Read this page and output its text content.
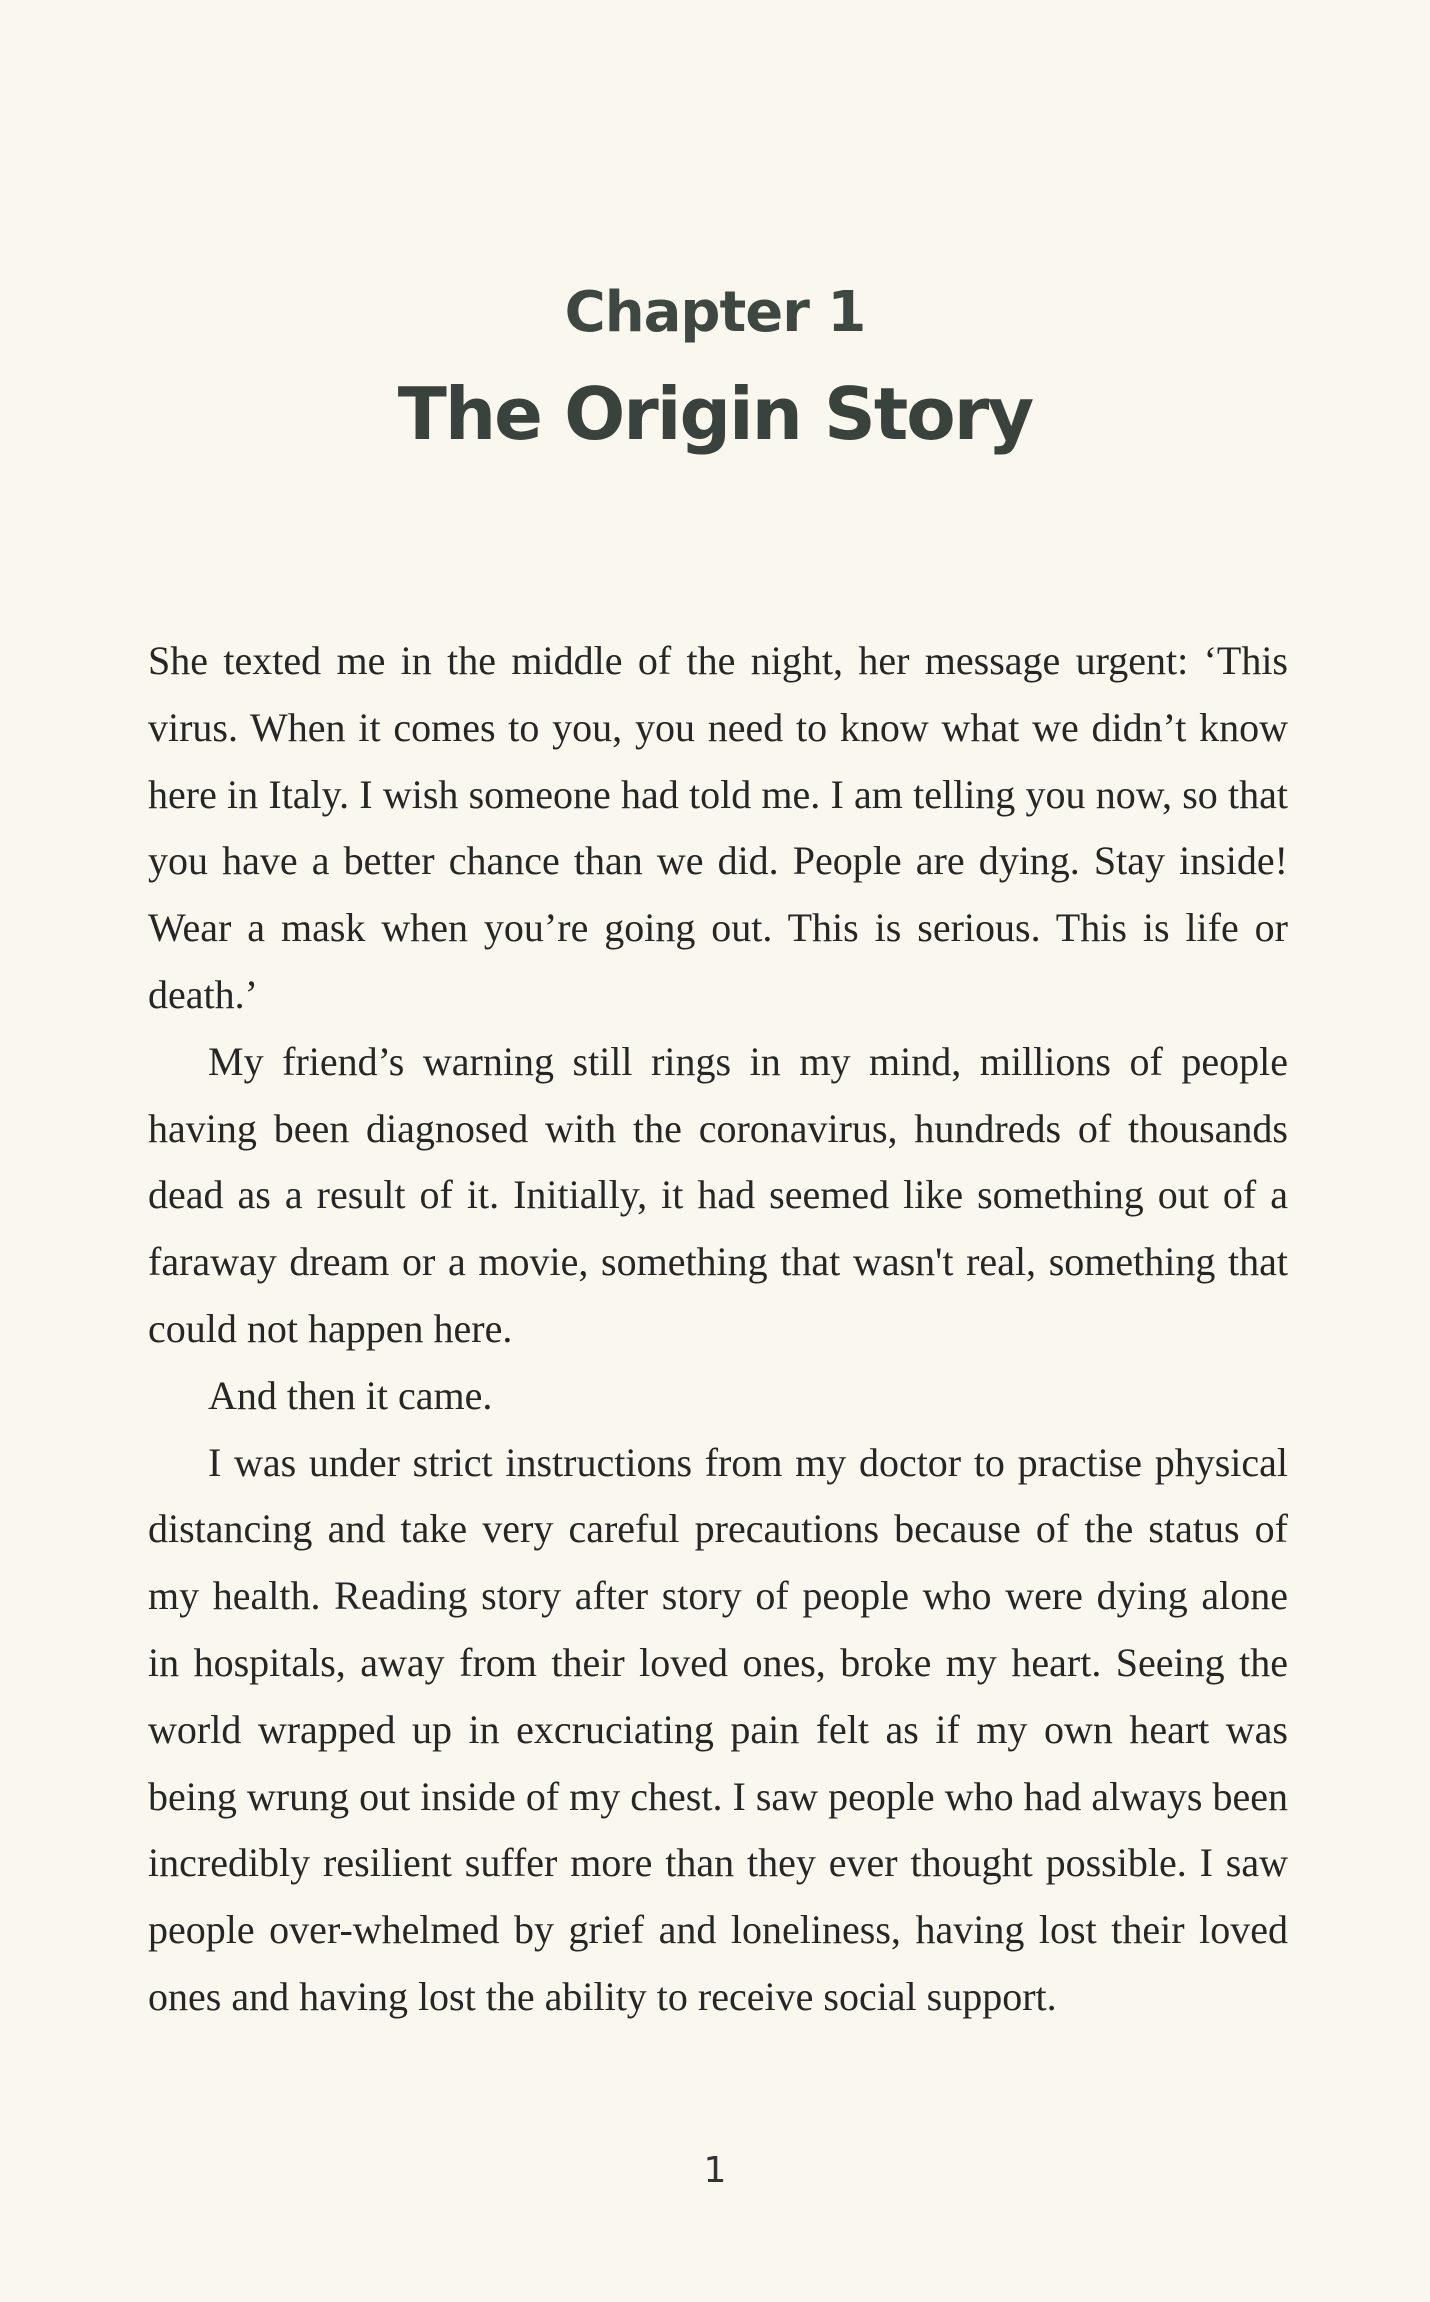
Chapter 1
The Origin Story

She texted me in the middle of the night, her message urgent: ‘This virus. When it comes to you, you need to know what we didn’t know here in Italy. I wish someone had told me. I am telling you now, so that you have a better chance than we did. People are dying. Stay inside! Wear a mask when you’re going out. This is serious. This is life or death.’

My friend’s warning still rings in my mind, millions of people having been diagnosed with the coronavirus, hundreds of thousands dead as a result of it. Initially, it had seemed like something out of a faraway dream or a movie, something that wasn't real, something that could not happen here.

And then it came.

I was under strict instructions from my doctor to practise physical distancing and take very careful precautions because of the status of my health. Reading story after story of people who were dying alone in hospitals, away from their loved ones, broke my heart. Seeing the world wrapped up in excruciating pain felt as if my own heart was being wrung out inside of my chest. I saw people who had always been incredibly resilient suffer more than they ever thought possible. I saw people over-whelmed by grief and loneliness, having lost their loved ones and having lost the ability to receive social support.

1
